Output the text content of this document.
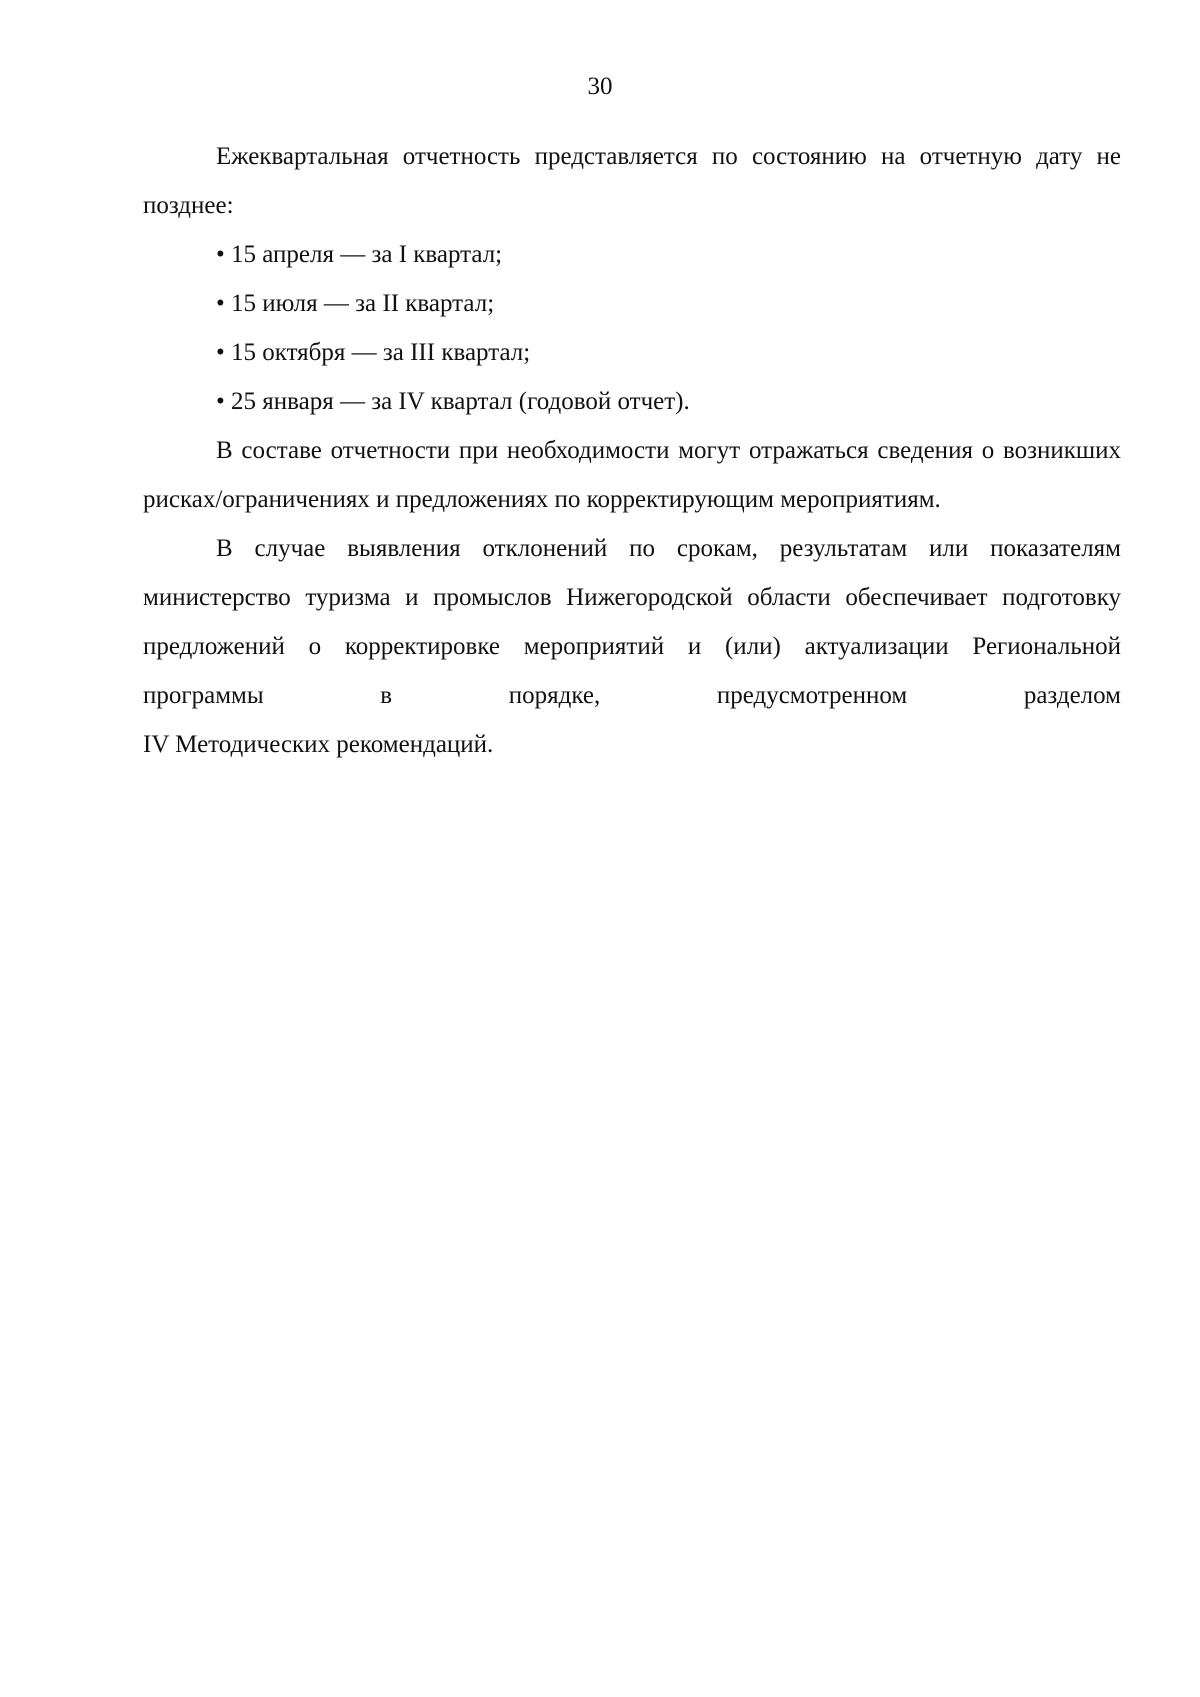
30

Ежеквартальная отчетность представляется по состоянию на отчетную дату не позднее:

• 15 апреля — за I квартал;
• 15 июля — за II квартал;
• 15 октября — за III квартал;
• 25 января — за IV квартал (годовой отчет).

В составе отчетности при необходимости могут отражаться сведения о возникших рисках/ограничениях и предложениях по корректирующим мероприятиям.

В случае выявления отклонений по срокам, результатам или показателям министерство туризма и промыслов Нижегородской области обеспечивает подготовку предложений о корректировке мероприятий и (или) актуализации Региональной программы в порядке, предусмотренном разделом

IV Методических рекомендаций.
